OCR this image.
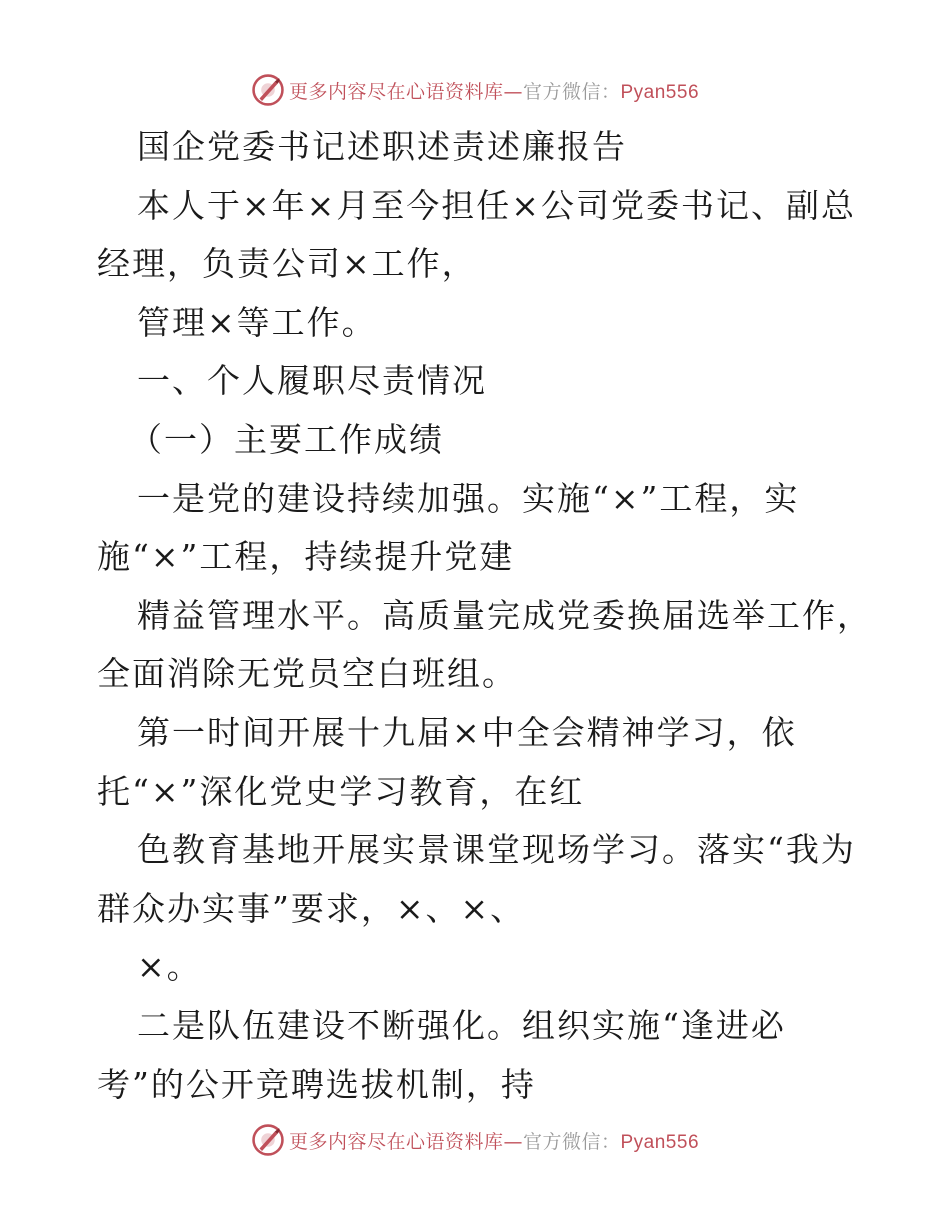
更多内容尽在心语资料库—官方微信：Pyan556
国企党委书记述职述责述廉报告
本人于×年×月至今担任×公司党委书记、副总
经理，负责公司×工作，
管理×等工作。
一、个人履职尽责情况
（一）主要工作成绩
一是党的建设持续加强。实施“×”工程，实
施“×”工程，持续提升党建
精益管理水平。高质量完成党委换届选举工作，
全面消除无党员空白班组。
第一时间开展十九届×中全会精神学习，依
托“×”深化党史学习教育，在红
色教育基地开展实景课堂现场学习。落实“我为
群众办实事”要求，×、×、
×。
二是队伍建设不断强化。组织实施“逢进必
考”的公开竞聘选拔机制，持
更多内容尽在心语资料库—官方微信：Pyan556
